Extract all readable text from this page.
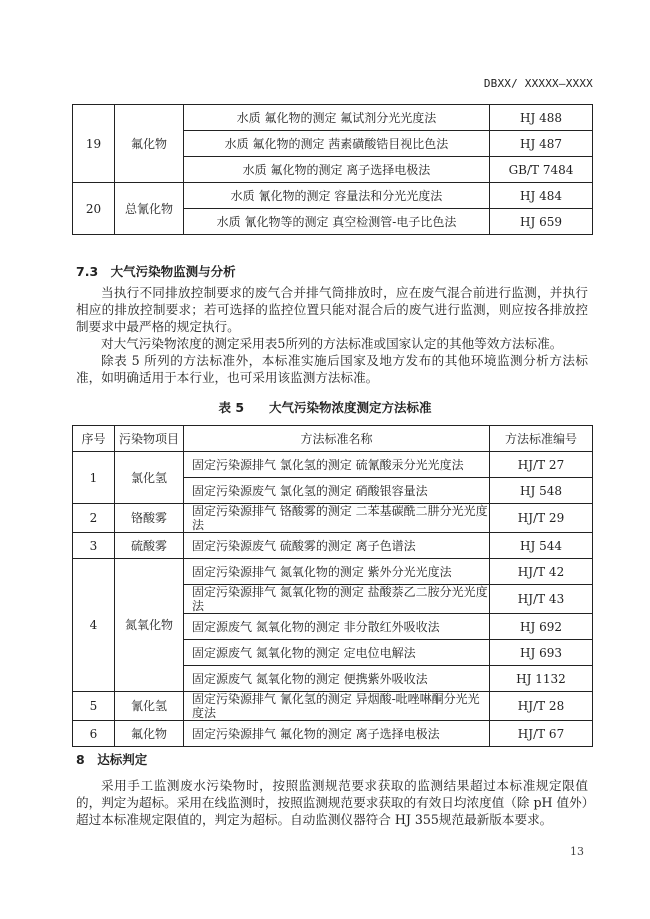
DBXX/ XXXXX—XXXX
19	氟化物	水质 氟化物的测定 氟试剂分光光度法	HJ 488
		水质 氟化物的测定 茜素磺酸锆目视比色法	HJ 487
		水质 氟化物的测定 离子选择电极法	GB/T 7484
20	总氰化物	水质 氰化物的测定 容量法和分光光度法	HJ 484
		水质 氰化物等的测定 真空检测管-电子比色法	HJ 659
7.3　大气污染物监测与分析
当执行不同排放控制要求的废气合并排气筒排放时，应在废气混合前进行监测，并执行相应的排放控制要求；若可选择的监控位置只能对混合后的废气进行监测，则应按各排放控制要求中最严格的规定执行。
对大气污染物浓度的测定采用表5所列的方法标准或国家认定的其他等效方法标准。
除表 5 所列的方法标准外，本标准实施后国家及地方发布的其他环境监测分析方法标准，如明确适用于本行业，也可采用该监测方法标准。
表 5　　大气污染物浓度测定方法标准
序号	污染物项目	方法标准名称	方法标准编号
1	氯化氢	固定污染源排气 氯化氢的测定 硫氰酸汞分光光度法	HJ/T 27
		固定污染源废气 氯化氢的测定 硝酸银容量法	HJ 548
2	铬酸雾	固定污染源排气 铬酸雾的测定 二苯基碳酰二肼分光光度法	HJ/T 29
3	硫酸雾	固定污染源废气 硫酸雾的测定 离子色谱法	HJ 544
4	氮氧化物	固定污染源排气 氮氧化物的测定 紫外分光光度法	HJ/T 42
		固定污染源排气 氮氧化物的测定 盐酸萘乙二胺分光光度法	HJ/T 43
		固定源废气 氮氧化物的测定 非分散红外吸收法	HJ 692
		固定源废气 氮氧化物的测定 定电位电解法	HJ 693
		固定源废气 氮氧化物的测定 便携紫外吸收法	HJ 1132
5	氰化氢	固定污染源排气 氰化氢的测定 异烟酸-吡唑啉酮分光光度法	HJ/T 28
6	氟化物	固定污染源排气 氟化物的测定 离子选择电极法	HJ/T 67
8　达标判定
采用手工监测废水污染物时，按照监测规范要求获取的监测结果超过本标准规定限值的，判定为超标。采用在线监测时，按照监测规范要求获取的有效日均浓度值（除 pH 值外）超过本标准规定限值的，判定为超标。自动监测仪器符合 HJ 355规范最新版本要求。
13
